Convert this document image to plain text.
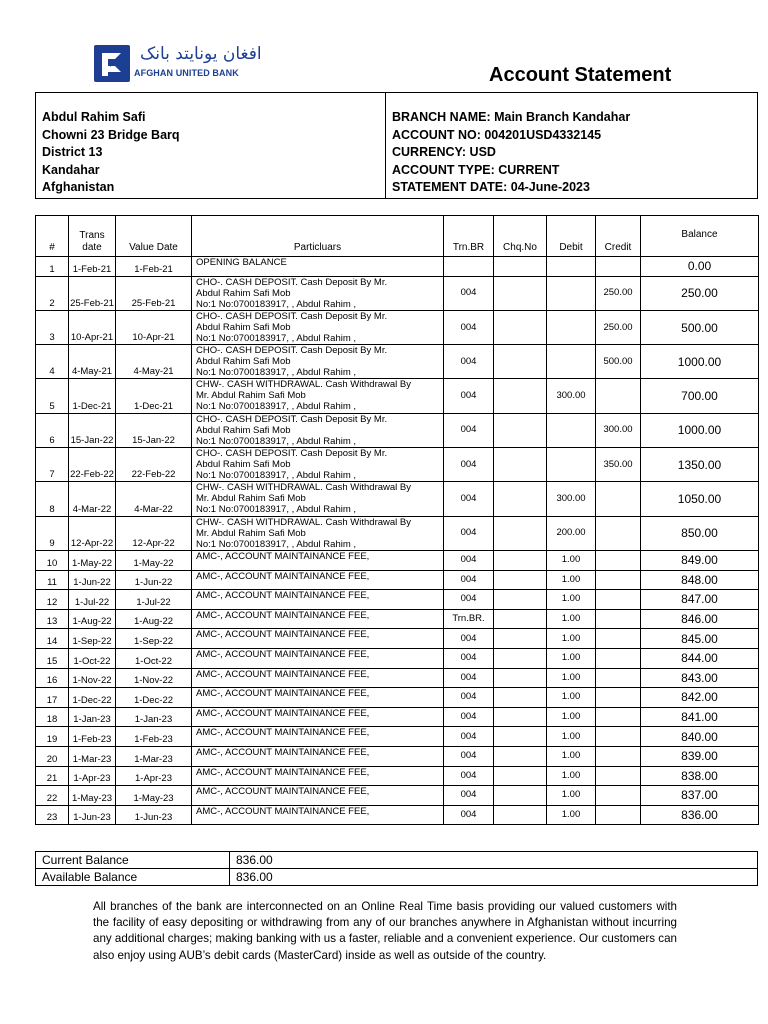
افغان یونایتد بانک
AFGHAN UNITED BANK	Account Statement
Abdul Rahim Safi
Chowni 23 Bridge Barq
District 13
Kandahar
Afghanistan
BRANCH NAME: Main Branch Kandahar
ACCOUNT NO: 004201USD4332145
CURRENCY: USD
ACCOUNT TYPE: CURRENT
STATEMENT DATE: 04-June-2023
#	Trans date	Value Date	Particluars	Trn.BR	Chq.No	Debit	Credit	Balance
1	1-Feb-21	1-Feb-21	OPENING BALANCE					0.00
2	25-Feb-21	25-Feb-21	CHO-. CASH DEPOSIT. Cash Deposit By Mr.
Abdul Rahim Safi Mob
No:1 No:0700183917, , Abdul Rahim ,	004			250.00	250.00
3	10-Apr-21	10-Apr-21	CHO-. CASH DEPOSIT. Cash Deposit By Mr.
Abdul Rahim Safi Mob
No:1 No:0700183917, , Abdul Rahim ,	004			250.00	500.00
4	4-May-21	4-May-21	CHO-. CASH DEPOSIT. Cash Deposit By Mr.
Abdul Rahim Safi Mob
No:1 No:0700183917, , Abdul Rahim ,	004			500.00	1000.00
5	1-Dec-21	1-Dec-21	CHW-. CASH WITHDRAWAL. Cash Withdrawal By
Mr. Abdul Rahim Safi Mob
No:1 No:0700183917, , Abdul Rahim ,	004		300.00		700.00
6	15-Jan-22	15-Jan-22	CHO-. CASH DEPOSIT. Cash Deposit By Mr.
Abdul Rahim Safi Mob
No:1 No:0700183917, , Abdul Rahim ,	004			300.00	1000.00
7	22-Feb-22	22-Feb-22	CHO-. CASH DEPOSIT. Cash Deposit By Mr.
Abdul Rahim Safi Mob
No:1 No:0700183917, , Abdul Rahim ,	004			350.00	1350.00
8	4-Mar-22	4-Mar-22	CHW-. CASH WITHDRAWAL. Cash Withdrawal By
Mr. Abdul Rahim Safi Mob
No:1 No:0700183917, , Abdul Rahim ,	004		300.00		1050.00
9	12-Apr-22	12-Apr-22	CHW-. CASH WITHDRAWAL. Cash Withdrawal By
Mr. Abdul Rahim Safi Mob
No:1 No:0700183917, , Abdul Rahim ,	004		200.00		850.00
10	1-May-22	1-May-22	AMC-, ACCOUNT MAINTAINANCE FEE,	004		1.00		849.00
11	1-Jun-22	1-Jun-22	AMC-, ACCOUNT MAINTAINANCE FEE,	004		1.00		848.00
12	1-Jul-22	1-Jul-22	AMC-, ACCOUNT MAINTAINANCE FEE,	004		1.00		847.00
13	1-Aug-22	1-Aug-22	AMC-, ACCOUNT MAINTAINANCE FEE,	Trn.BR.		1.00		846.00
14	1-Sep-22	1-Sep-22	AMC-, ACCOUNT MAINTAINANCE FEE,	004		1.00		845.00
15	1-Oct-22	1-Oct-22	AMC-, ACCOUNT MAINTAINANCE FEE,	004		1.00		844.00
16	1-Nov-22	1-Nov-22	AMC-, ACCOUNT MAINTAINANCE FEE,	004		1.00		843.00
17	1-Dec-22	1-Dec-22	AMC-, ACCOUNT MAINTAINANCE FEE,	004		1.00		842.00
18	1-Jan-23	1-Jan-23	AMC-, ACCOUNT MAINTAINANCE FEE,	004		1.00		841.00
19	1-Feb-23	1-Feb-23	AMC-, ACCOUNT MAINTAINANCE FEE,	004		1.00		840.00
20	1-Mar-23	1-Mar-23	AMC-, ACCOUNT MAINTAINANCE FEE,	004		1.00		839.00
21	1-Apr-23	1-Apr-23	AMC-, ACCOUNT MAINTAINANCE FEE,	004		1.00		838.00
22	1-May-23	1-May-23	AMC-, ACCOUNT MAINTAINANCE FEE,	004		1.00		837.00
23	1-Jun-23	1-Jun-23	AMC-, ACCOUNT MAINTAINANCE FEE,	004		1.00		836.00
Current Balance	836.00
Available Balance	836.00
All branches of the bank are interconnected on an Online Real Time basis providing our valued customers with the facility of easy depositing or withdrawing from any of our branches anywhere in Afghanistan without incurring any additional charges; making banking with us a faster, reliable and a convenient experience. Our customers can also enjoy using AUB’s debit cards (MasterCard) inside as well as outside of the country.
